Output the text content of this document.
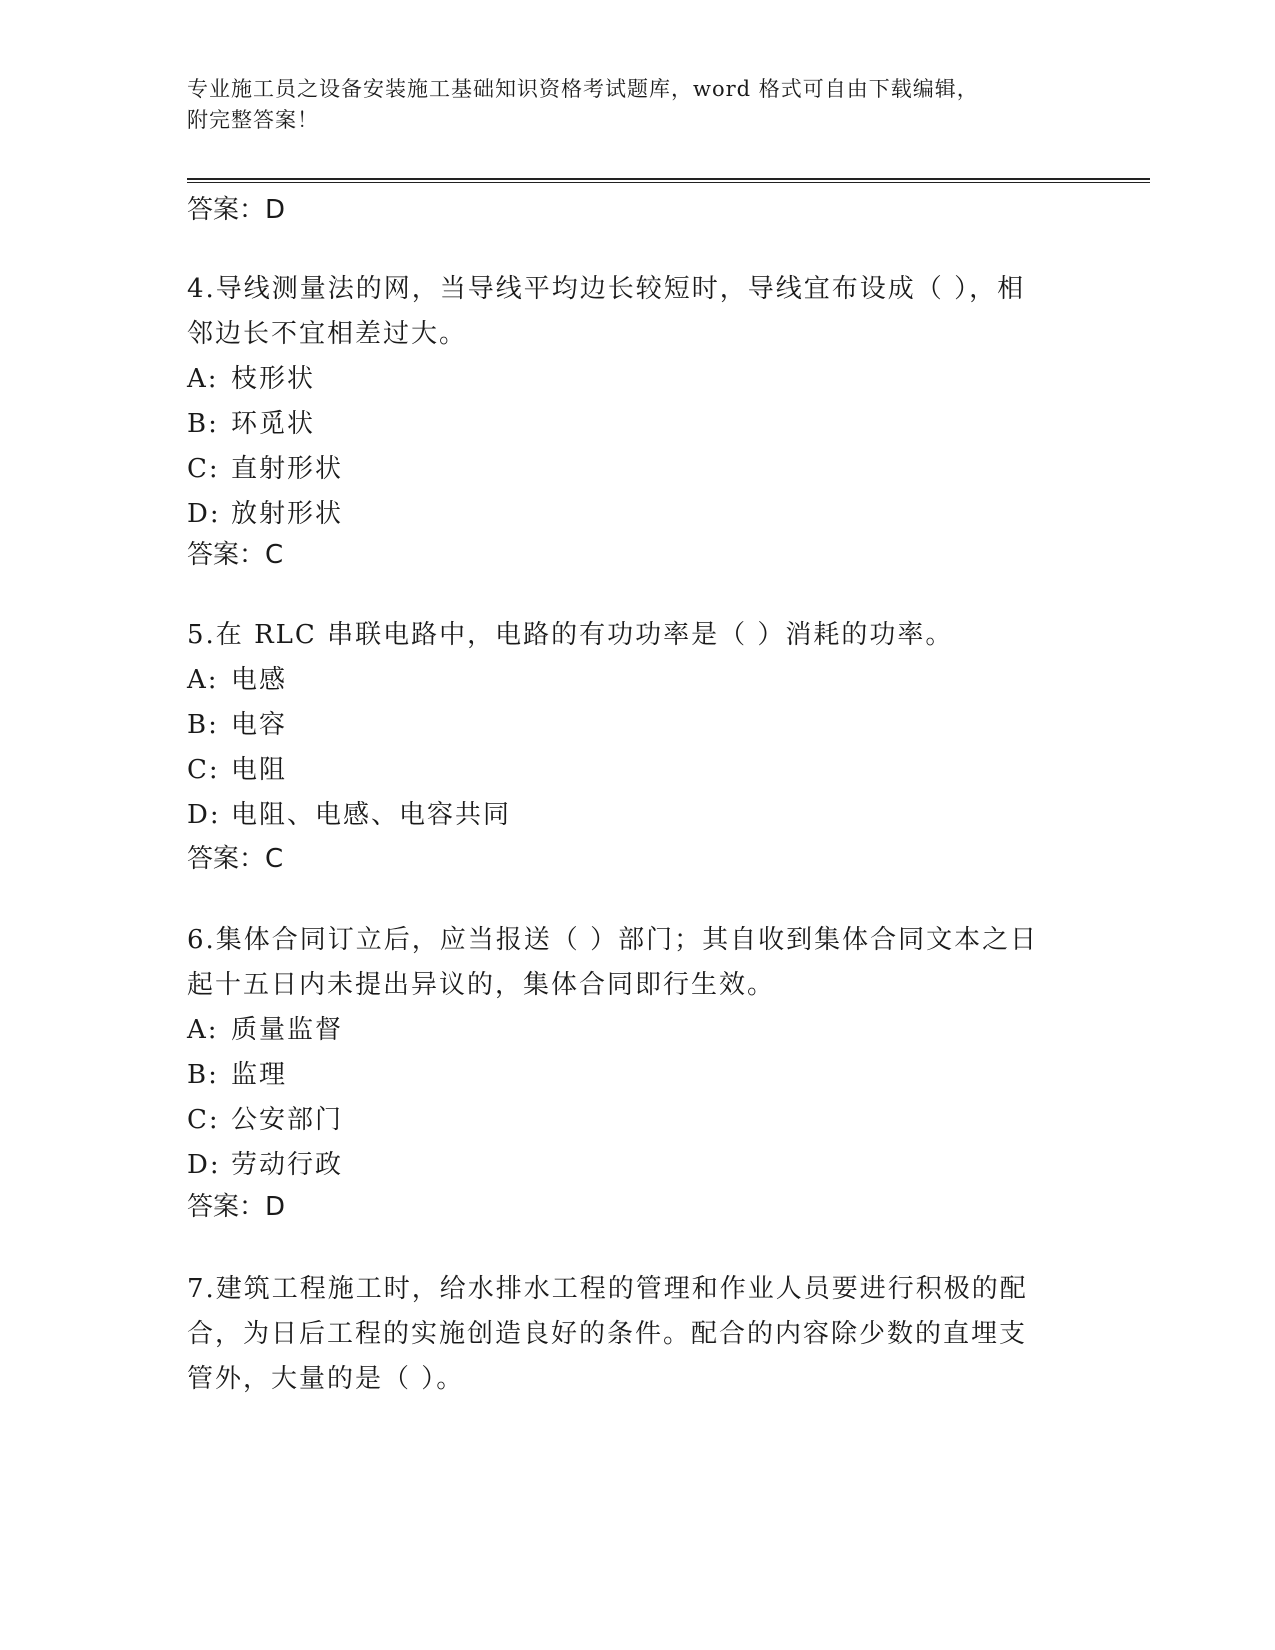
专业施工员之设备安装施工基础知识资格考试题库，word 格式可自由下载编辑，
附完整答案！
答案：D
4.导线测量法的网，当导线平均边长较短时，导线宜布设成（ ），相
邻边长不宜相差过大。
A: 枝形状
B: 环觅状
C: 直射形状
D: 放射形状
答案：C
5.在 RLC 串联电路中，电路的有功功率是（ ）消耗的功率。
A: 电感
B: 电容
C: 电阻
D: 电阻、电感、电容共同
答案：C
6.集体合同订立后，应当报送（ ）部门；其自收到集体合同文本之日
起十五日内未提出异议的，集体合同即行生效。
A: 质量监督
B: 监理
C: 公安部门
D: 劳动行政
答案：D
7.建筑工程施工时，给水排水工程的管理和作业人员要进行积极的配
合，为日后工程的实施创造良好的条件。配合的内容除少数的直埋支
管外，大量的是（ ）。
